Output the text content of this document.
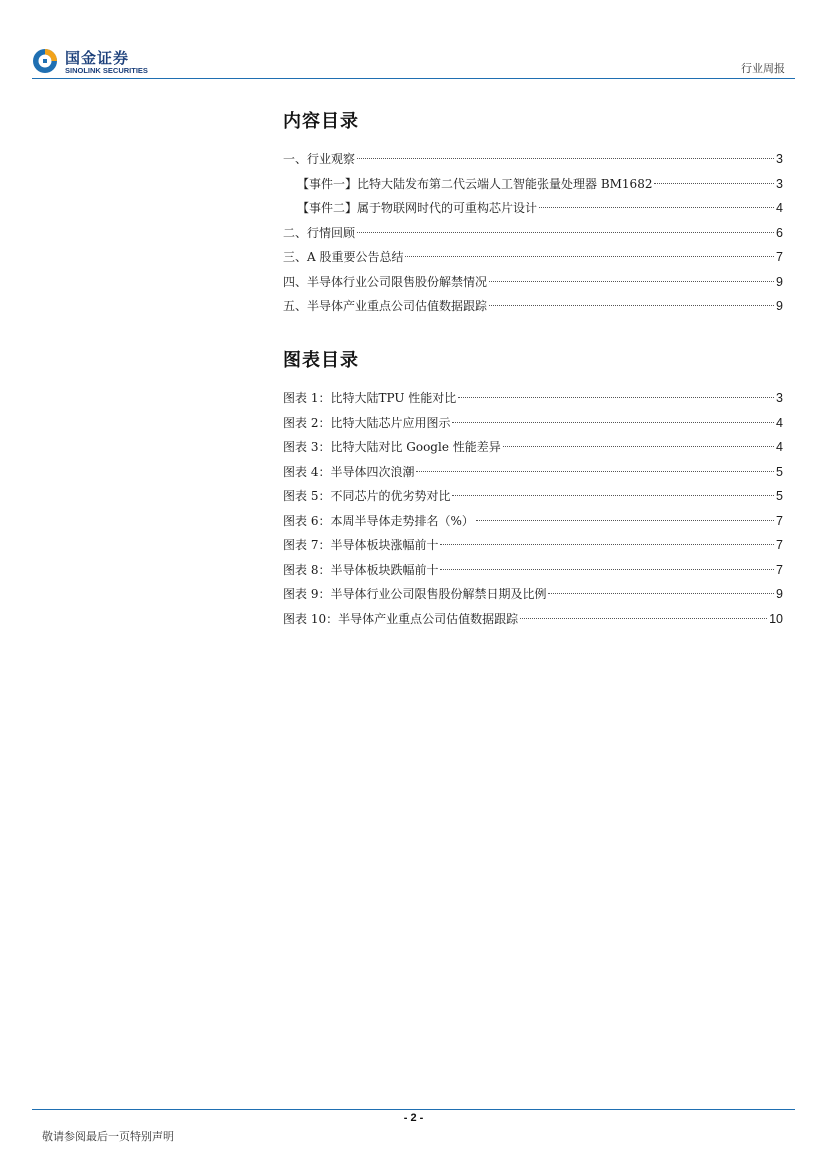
国金证券
SINOLINK SECURITIES	行业周报
内容目录
一、行业观察	3
【事件一】比特大陆发布第二代云端人工智能张量处理器 BM1682	3
【事件二】属于物联网时代的可重构芯片设计	4
二、行情回顾	6
三、A 股重要公告总结	7
四、半导体行业公司限售股份解禁情况	9
五、半导体产业重点公司估值数据跟踪	9
图表目录
图表 1：比特大陆TPU 性能对比	3
图表 2：比特大陆芯片应用图示	4
图表 3：比特大陆对比 Google 性能差异	4
图表 4：半导体四次浪潮	5
图表 5：不同芯片的优劣势对比	5
图表 6：本周半导体走势排名（%）	7
图表 7：半导体板块涨幅前十	7
图表 8：半导体板块跌幅前十	7
图表 9：半导体行业公司限售股份解禁日期及比例	9
图表 10：半导体产业重点公司估值数据跟踪	10
- 2 -
敬请参阅最后一页特别声明
